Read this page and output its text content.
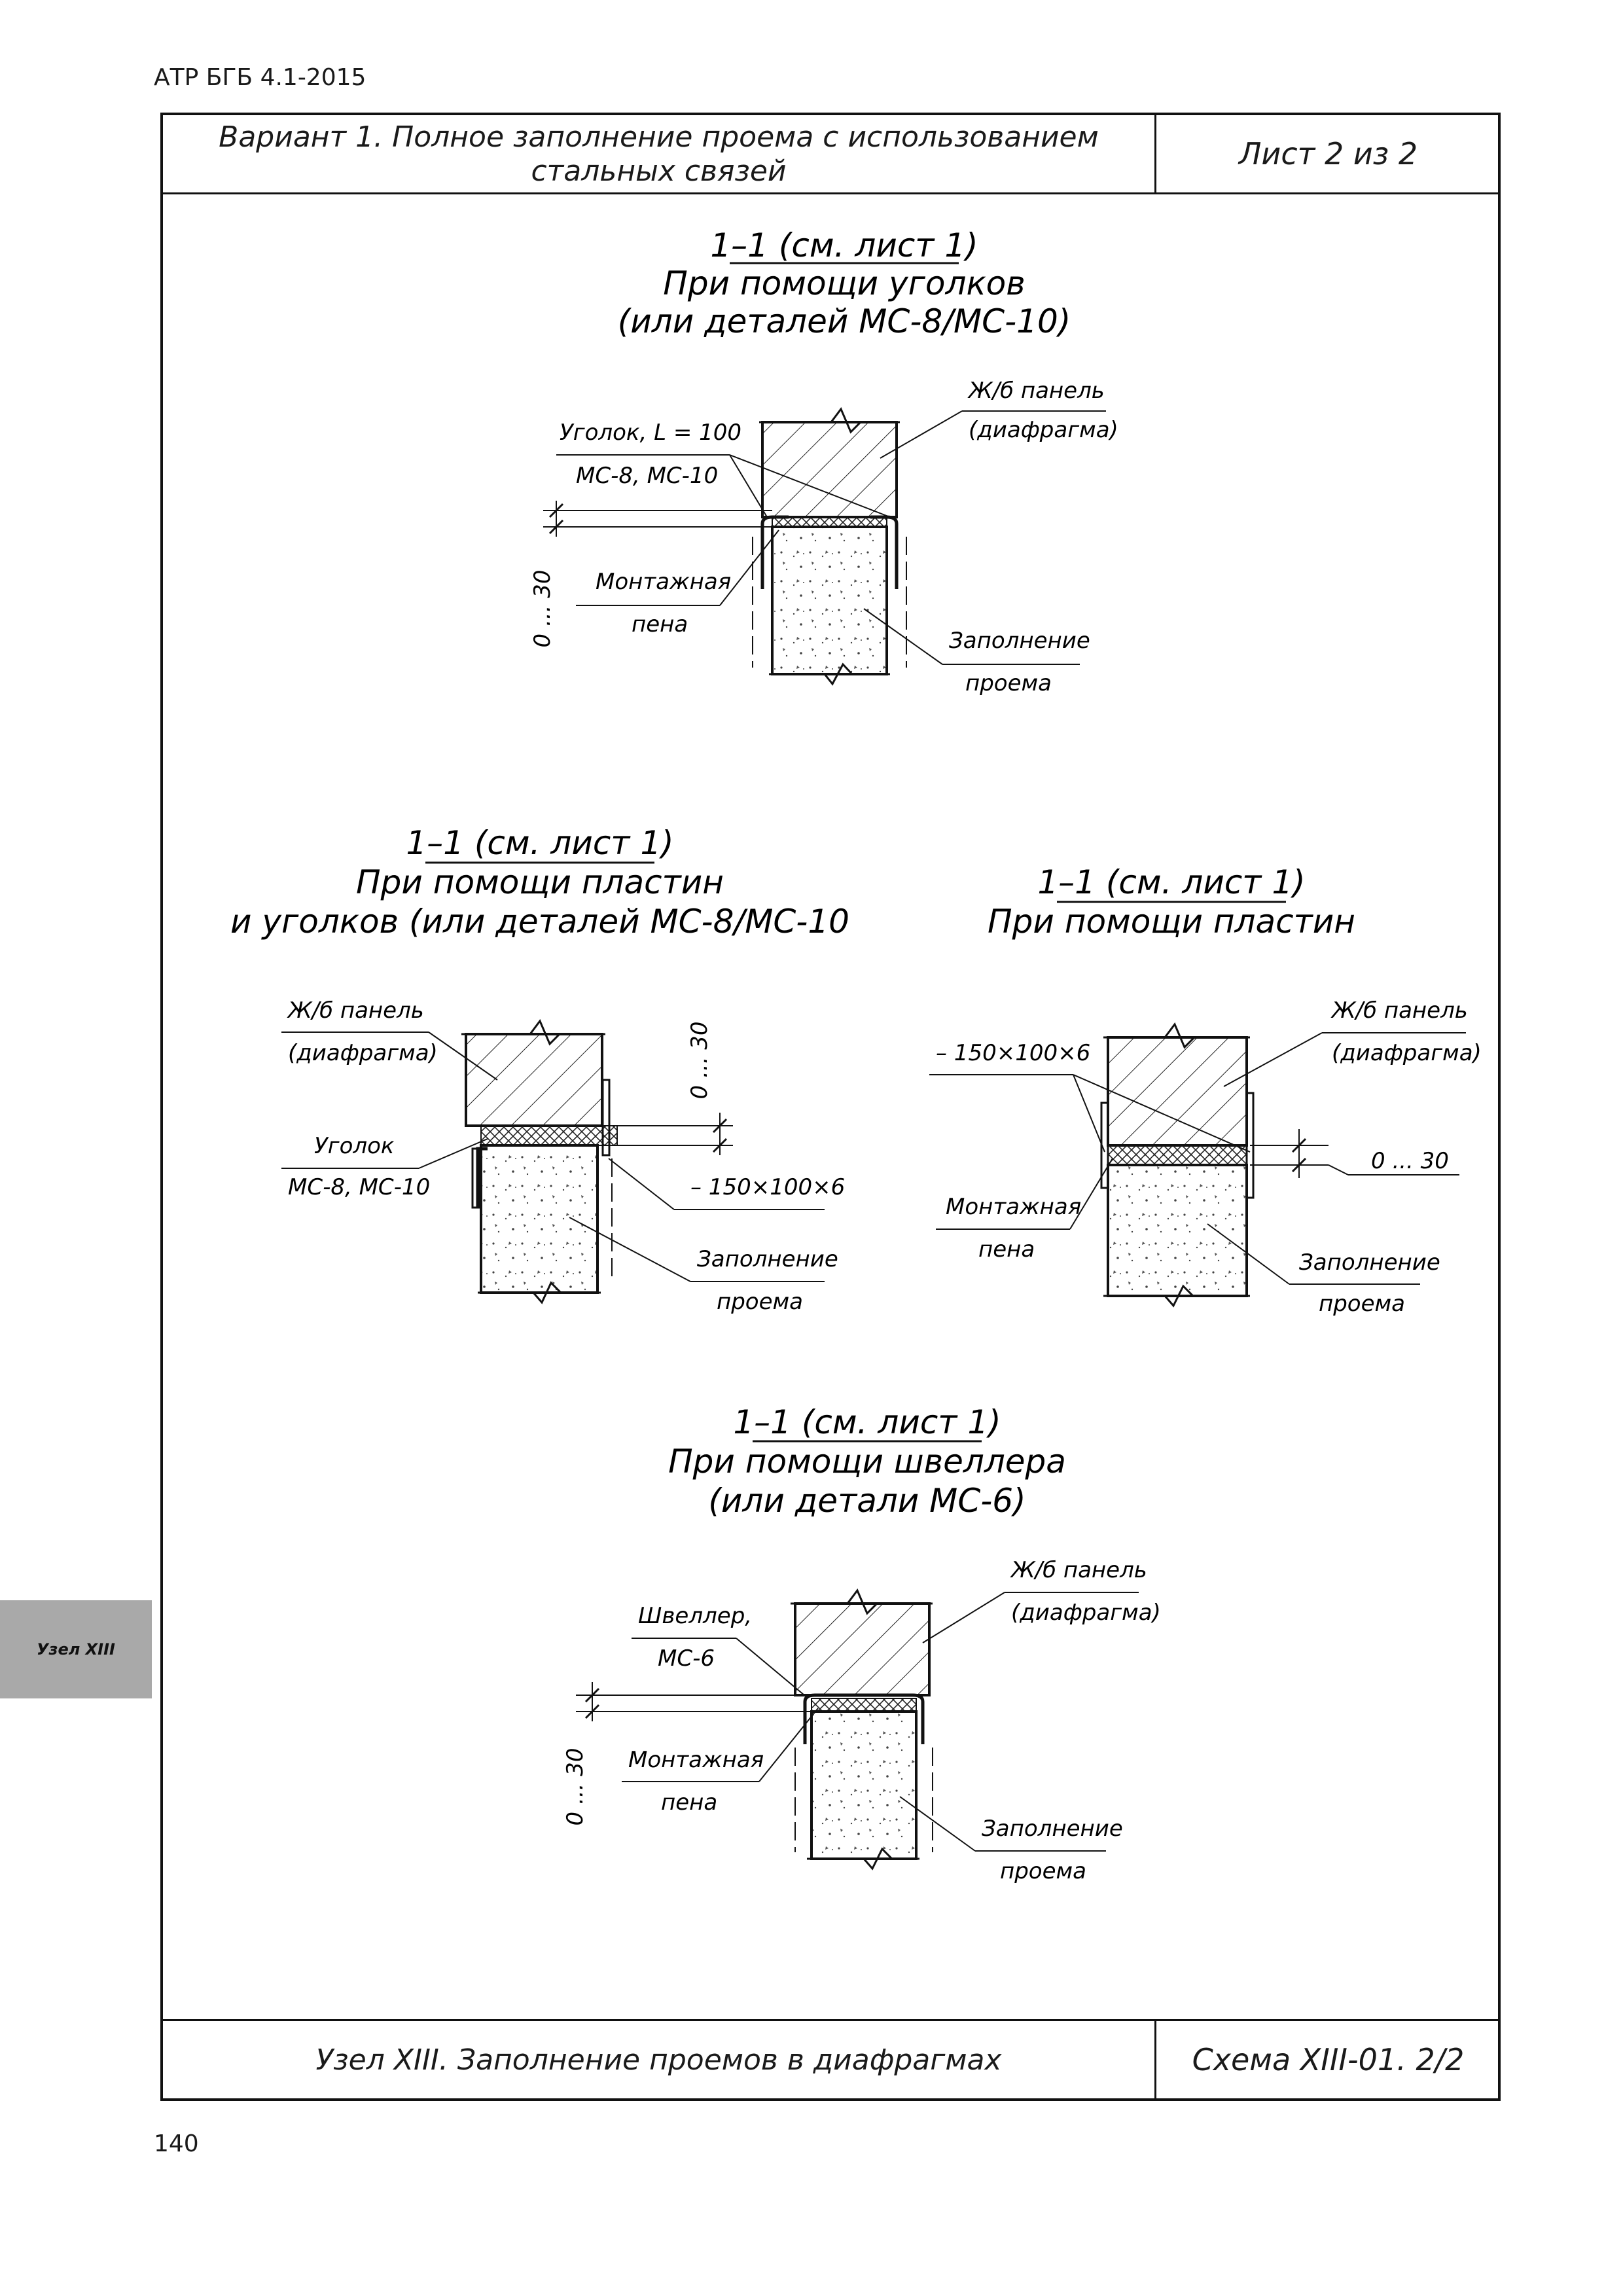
АТР БГБ 4.1-2015
140
Узел XIII
Вариант 1. Полное заполнение проема с использованием
стальных связей	Лист 2 из 2
Узел XIII. Заполнение проемов в диафрагмах	Схема XIII-01. 2/2
1–1 (см. лист 1)
При помощи уголков
(или деталей МС-8/МС-10)
0 ... 30
Ж/б панель
(диафрагма)
Уголок, L = 100
МС-8, МС-10
Монтажная
пена
Заполнение
проема
1–1 (см. лист 1)
При помощи пластин
и уголков (или деталей МС-8/МС-10
0 ... 30
Ж/б панель
(диафрагма)
Уголок
МС-8, МС-10	– 150×100×6
Заполнение
проема
1–1 (см. лист 1)
При помощи пластин
0 ... 30
Ж/б панель
(диафрагма)
– 150×100×6
Монтажная
пена	Заполнение
проема
1–1 (см. лист 1)
При помощи швеллера
(или детали МС-6)
0 ... 30
Ж/б панель
(диафрагма)
Швеллер,
МС-6
Монтажная
пена
Заполнение
проема
